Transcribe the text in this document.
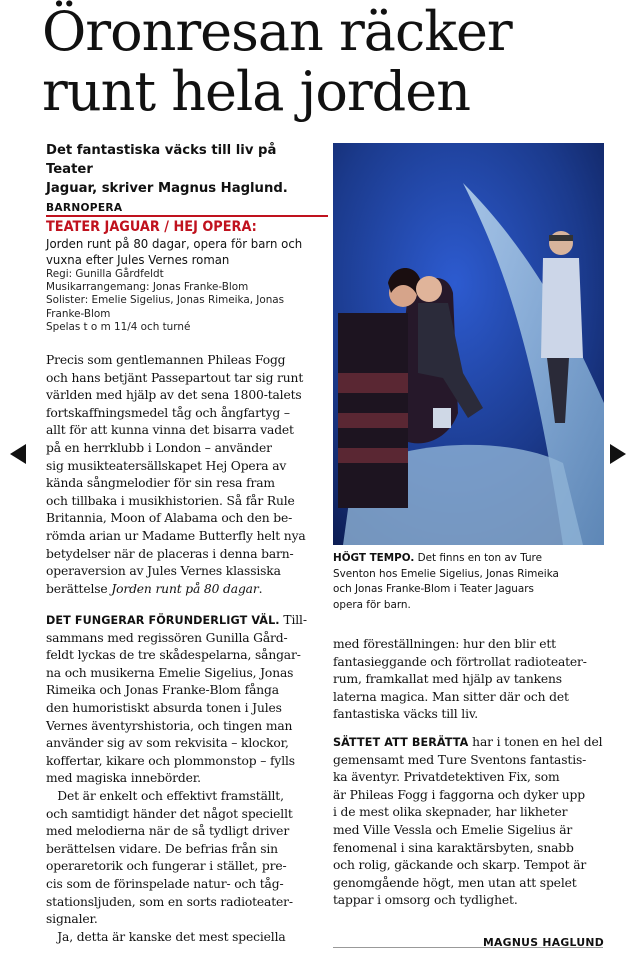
Öronresan räcker
runt hela jorden
Det fantastiska väcks till liv på Teater
Jaguar, skriver Magnus Haglund.
BARNOPERA
TEATER JAGUAR / HEJ OPERA:
Jorden runt på 80 dagar, opera för barn och
vuxna efter Jules Vernes roman
Regi: Gunilla Gårdfeldt
Musikarrangemang: Jonas Franke-Blom
Solister: Emelie Sigelius, Jonas Rimeika, Jonas
Franke-Blom
Spelas t o m 11/4 och turné
Precis som gentlemannen Phileas Fogg
och hans betjänt Passepartout tar sig runt
världen med hjälp av det sena 1800-talets
fortskaffningsmedel tåg och ångfartyg –
allt för att kunna vinna det bisarra vadet
på en herrklubb i London – använder
sig musikteatersällskapet Hej Opera av
kända sångmelodier för sin resa fram
och tillbaka i musikhistorien. Så får Rule
Britannia, Moon of Alabama och den be-
römda arian ur Madame Butterfly helt nya
betydelser när de placeras i denna barn-
operaversion av Jules Vernes klassiska
berättelse Jorden runt på 80 dagar.
DET FUNGERAR FÖRUNDERLIGT VÄL. Till-
sammans med regissören Gunilla Gård-
feldt lyckas de tre skådespelarna, sångar-
na och musikerna Emelie Sigelius, Jonas
Rimeika och Jonas Franke-Blom fånga
den humoristiskt absurda tonen i Jules
Vernes äventyrshistoria, och tingen man
använder sig av som rekvisita – klockor,
koffertar, kikare och plommonstop – fylls
med magiska innebörder.
Det är enkelt och effektivt framställt,
och samtidigt händer det något speciellt
med melodierna när de så tydligt driver
berättelsen vidare. De befrias från sin
operaretorik och fungerar i stället, pre-
cis som de förinspelade natur- och tåg-
stationsljuden, som en sorts radioteater-
signaler.
Ja, detta är kanske det mest speciella
med föreställningen: hur den blir ett
fantasieggande och förtrollat radioteater-
rum, framkallat med hjälp av tankens
laterna magica. Man sitter där och det
fantastiska väcks till liv.
SÄTTET ATT BERÄTTA har i tonen en hel del
gemensamt med Ture Sventons fantastis-
ka äventyr. Privatdetektiven Fix, som
är Phileas Fogg i faggorna och dyker upp
i de mest olika skepnader, har likheter
med Ville Vessla och Emelie Sigelius är
fenomenal i sina karaktärsbyten, snabb
och rolig, gäckande och skarp. Tempot är
genomgående högt, men utan att spelet
tappar i omsorg och tydlighet.
HÖGT TEMPO. Det finns en ton av Ture
Sventon hos Emelie Sigelius, Jonas Rimeika
och Jonas Franke-Blom i Teater Jaguars
opera för barn.
MAGNUS HAGLUND
